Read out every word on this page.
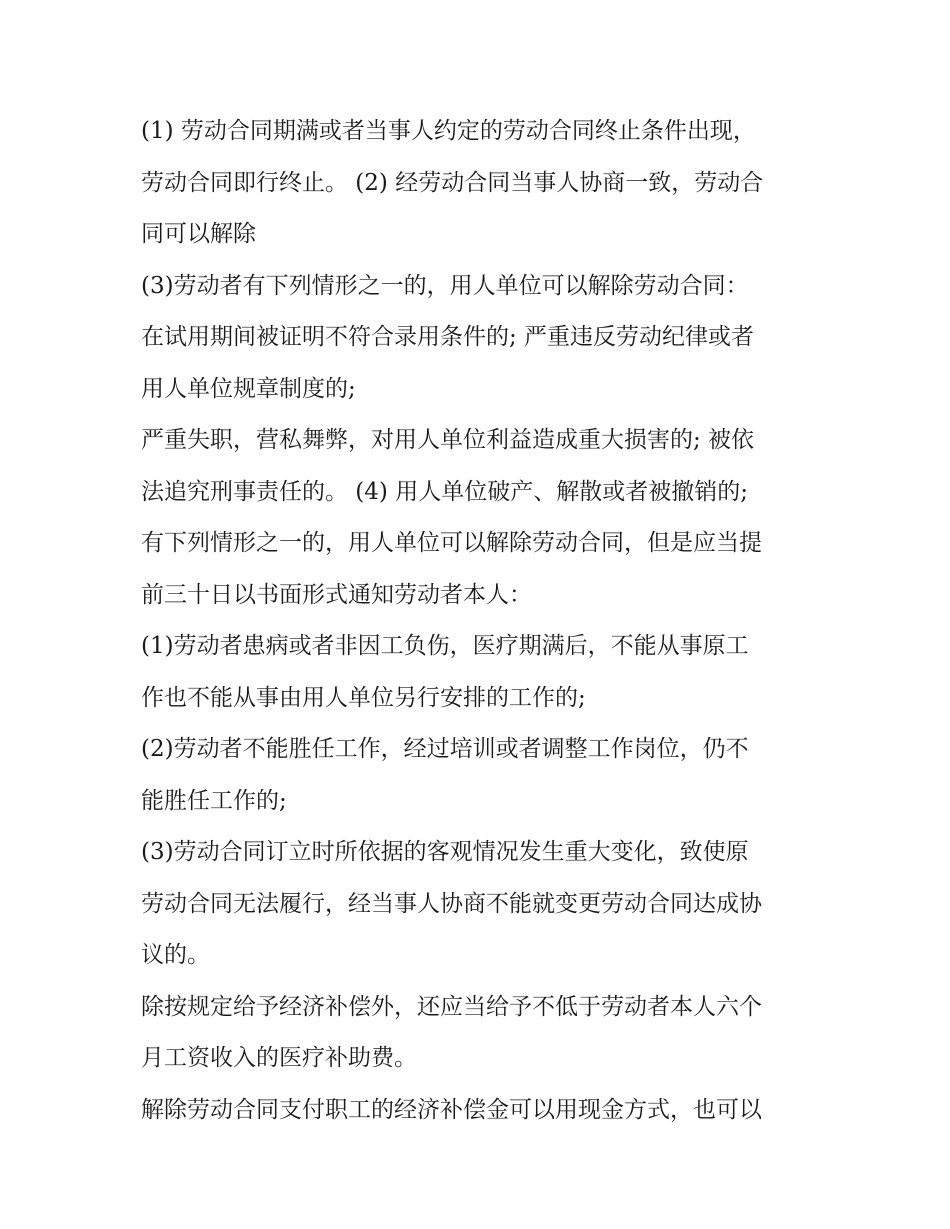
(1) 劳动合同期满或者当事人约定的劳动合同终止条件出现，
劳动合同即行终止。 (2) 经劳动合同当事人协商一致，劳动合
同可以解除
(3)劳动者有下列情形之一的，用人单位可以解除劳动合同：
在试用期间被证明不符合录用条件的; 严重违反劳动纪律或者
用人单位规章制度的;
严重失职，营私舞弊，对用人单位利益造成重大损害的; 被依
法追究刑事责任的。 (4) 用人单位破产、解散或者被撤销的;
有下列情形之一的，用人单位可以解除劳动合同，但是应当提
前三十日以书面形式通知劳动者本人：
(1)劳动者患病或者非因工负伤，医疗期满后，不能从事原工
作也不能从事由用人单位另行安排的工作的;
(2)劳动者不能胜任工作，经过培训或者调整工作岗位，仍不
能胜任工作的;
(3)劳动合同订立时所依据的客观情况发生重大变化，致使原
劳动合同无法履行，经当事人协商不能就变更劳动合同达成协
议的。
除按规定给予经济补偿外，还应当给予不低于劳动者本人六个
月工资收入的医疗补助费。
解除劳动合同支付职工的经济补偿金可以用现金方式，也可以
